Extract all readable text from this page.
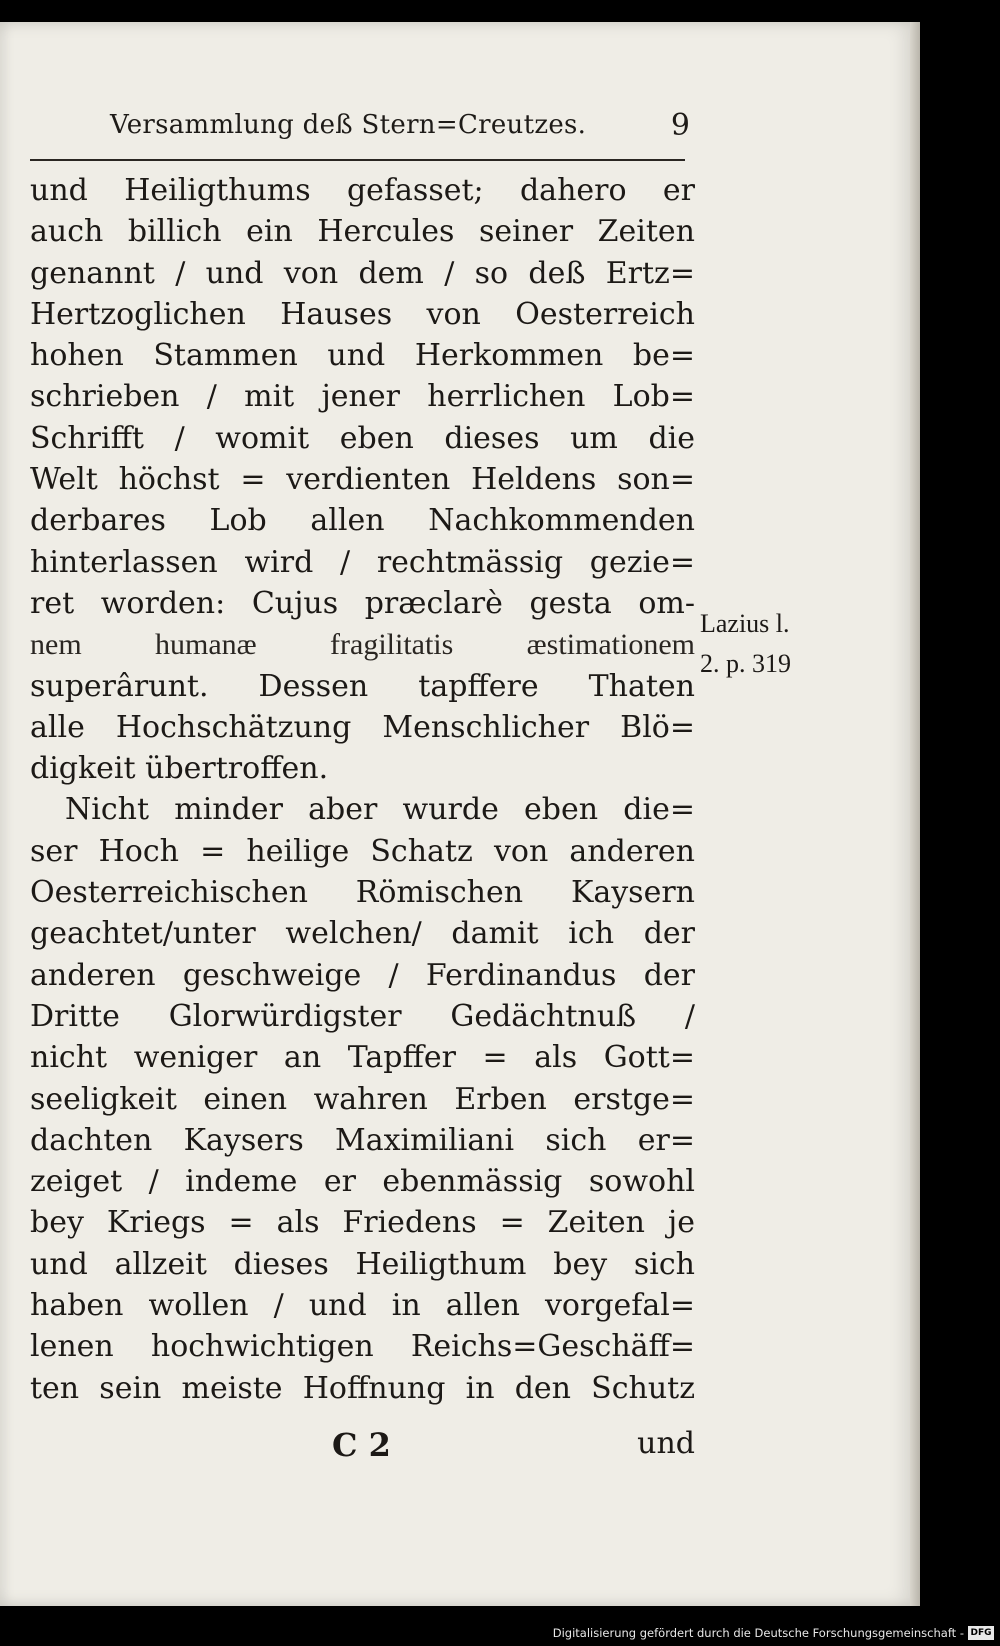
Versammlung deß Stern=Creutzes.	9
und Heiligthums gefasset; dahero er
auch billich ein Hercules seiner Zeiten
genannt / und von dem / so deß Ertz=
Hertzoglichen Hauses von Oesterreich
hohen Stammen und Herkommen be=
schrieben / mit jener herrlichen Lob=
Schrifft / womit eben dieses um die
Welt höchst = verdienten Heldens son=
derbares Lob allen Nachkommenden
hinterlassen wird / rechtmässig gezie=
ret worden: Cujus præclarè gesta om-
nem humanæ fragilitatis æstimationem
superârunt. Dessen tapffere Thaten
alle Hochschätzung Menschlicher Blö=
digkeit übertroffen.
Nicht minder aber wurde eben die=
ser Hoch = heilige Schatz von anderen
Oesterreichischen Römischen Kaysern
geachtet/unter welchen/ damit ich der
anderen geschweige / Ferdinandus der
Dritte Glorwürdigster Gedächtnuß /
nicht weniger an Tapffer = als Gott=
seeligkeit einen wahren Erben erstge=
dachten Kaysers Maximiliani sich er=
zeiget / indeme er ebenmässig sowohl
bey Kriegs = als Friedens = Zeiten je
und allzeit dieses Heiligthum bey sich
haben wollen / und in allen vorgefal=
lenen hochwichtigen Reichs=Geschäff=
ten sein meiste Hoffnung in den Schutz
Lazius l.
2. p. 319
C 2	und
Digitalisierung gefördert durch die Deutsche Forschungsgemeinschaft - DFG
